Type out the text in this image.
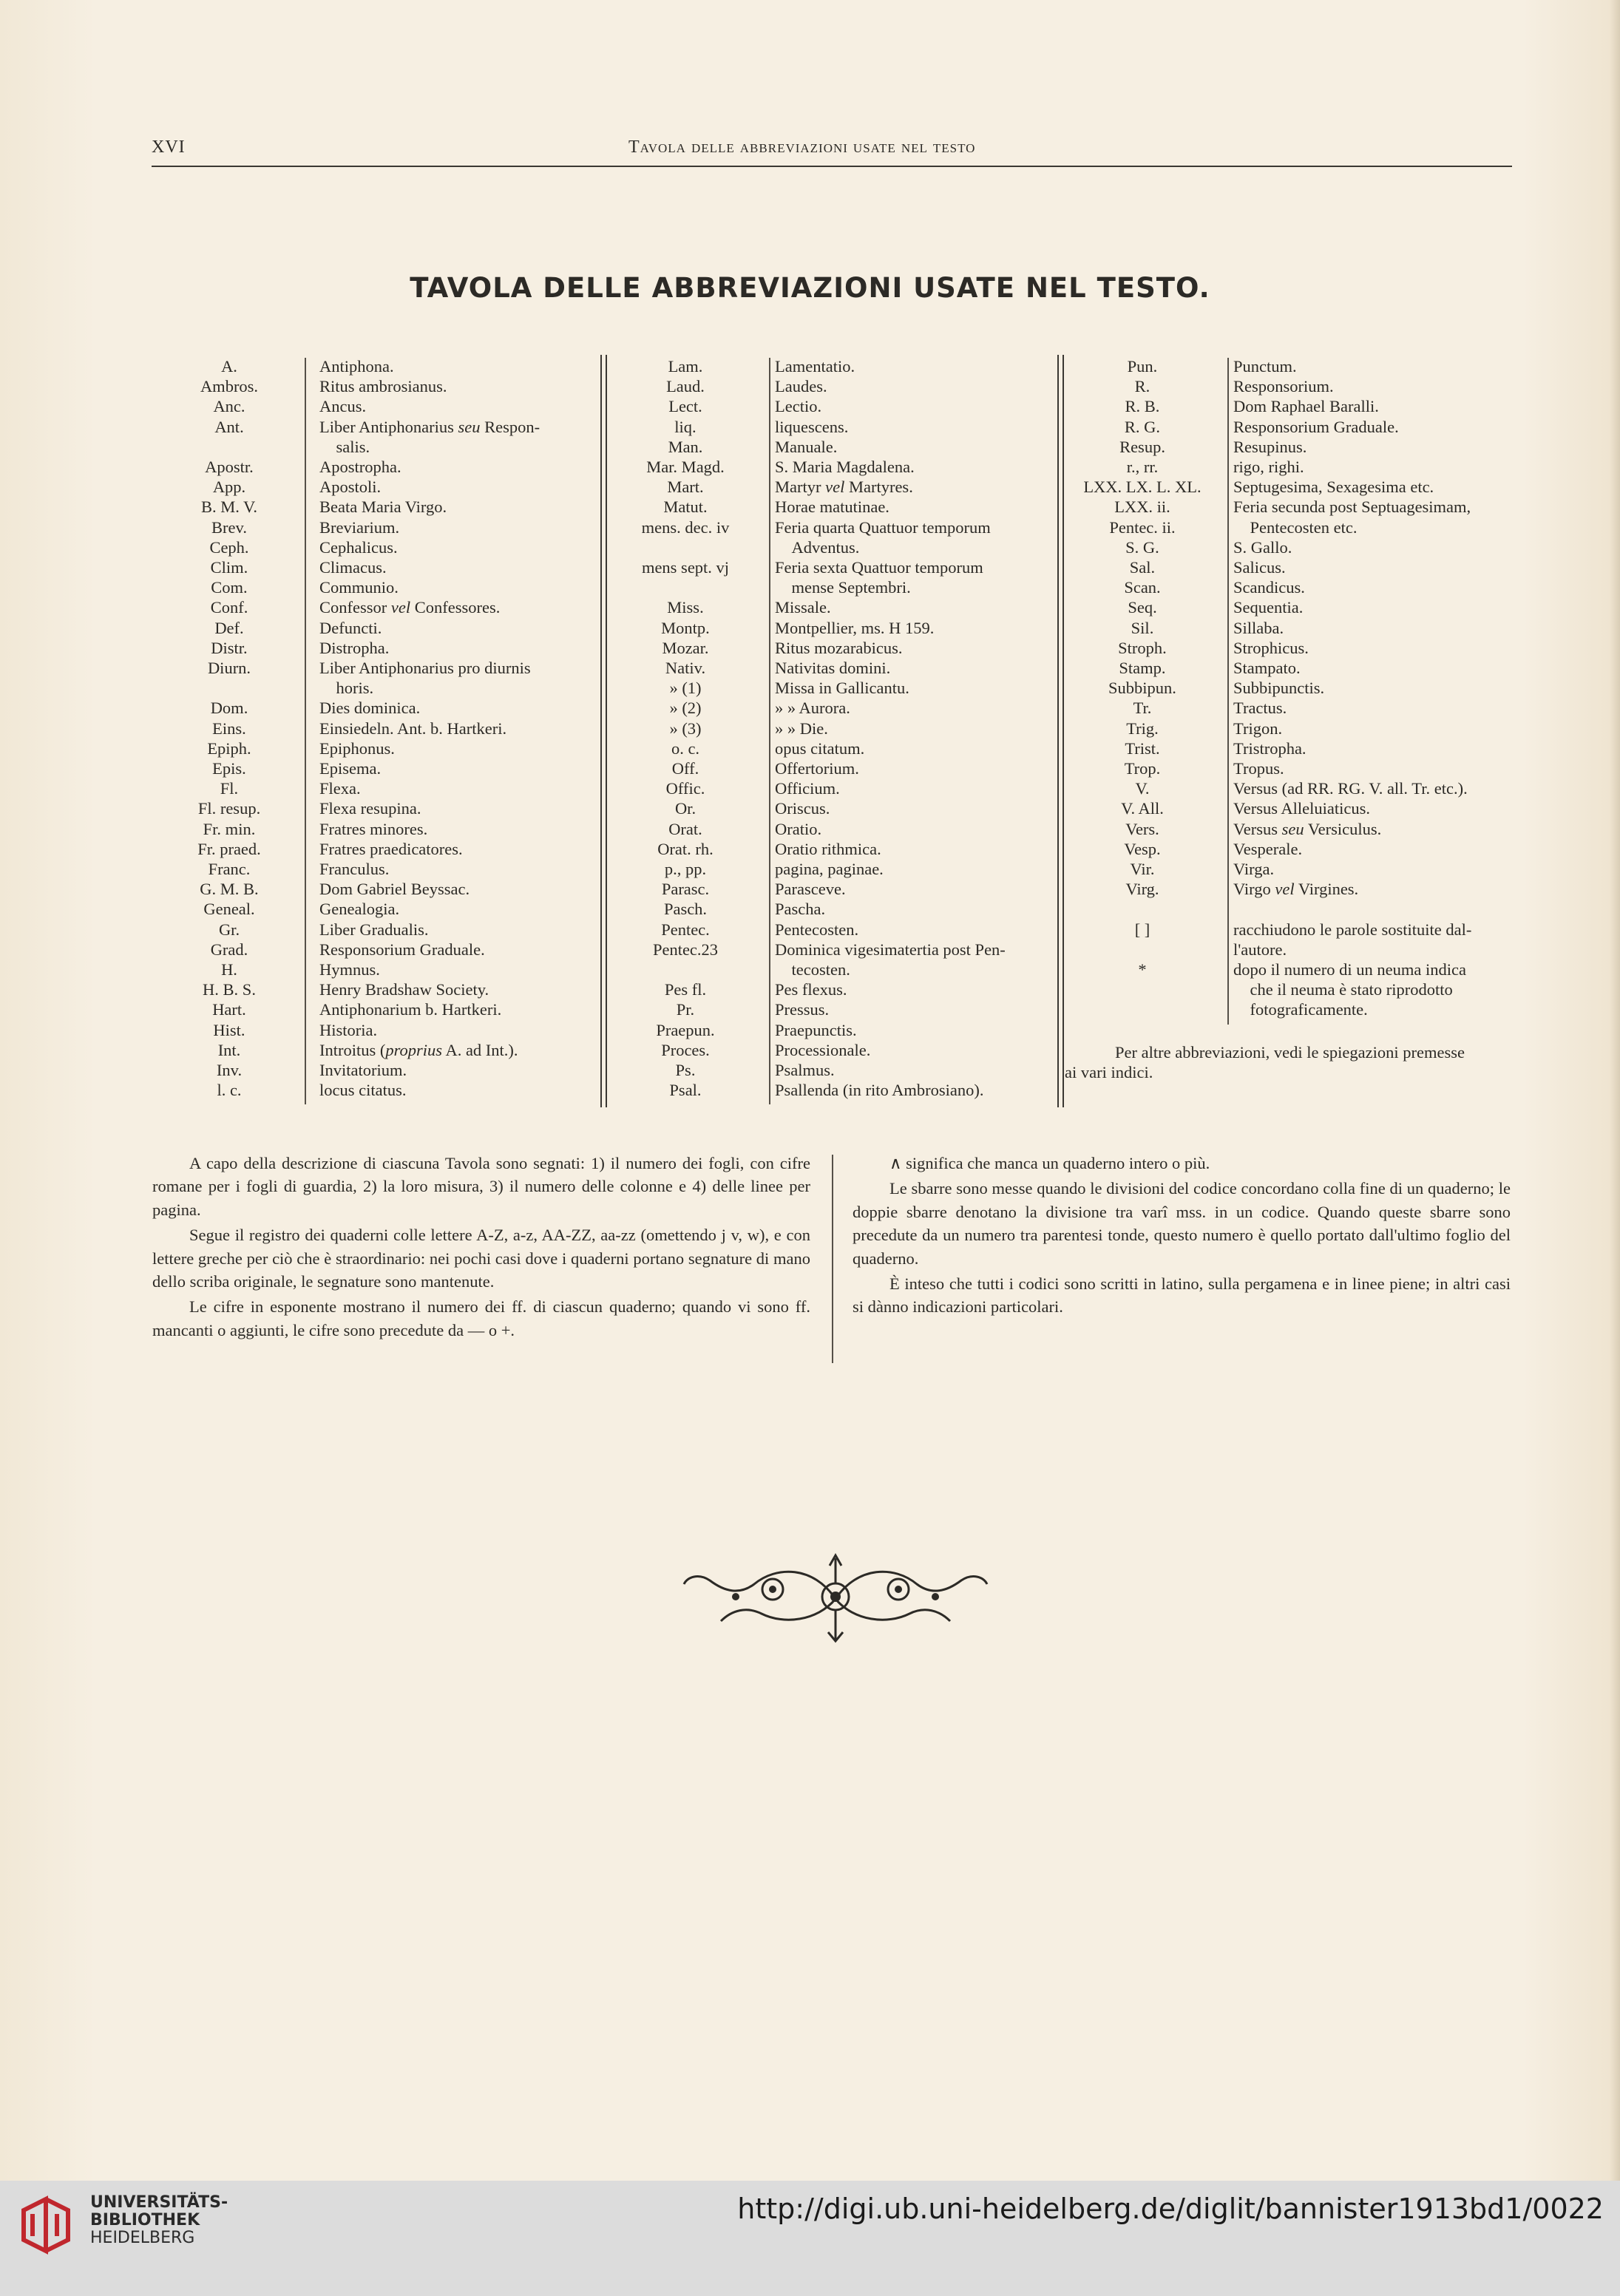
XVI	Tavola delle abbreviazioni usate nel testo
TAVOLA DELLE ABBREVIAZIONI USATE NEL TESTO.
A.	Antiphona.
Ambros.	Ritus ambrosianus.
Anc.	Ancus.
Ant.	Liber Antiphonarius seu Respon-
salis.
Apostr.	Apostropha.
App.	Apostoli.
B. M. V.	Beata Maria Virgo.
Brev.	Breviarium.
Ceph.	Cephalicus.
Clim.	Climacus.
Com.	Communio.
Conf.	Confessor vel Confessores.
Def.	Defuncti.
Distr.	Distropha.
Diurn.	Liber Antiphonarius pro diurnis
horis.
Dom.	Dies dominica.
Eins.	Einsiedeln. Ant. b. Hartkeri.
Epiph.	Epiphonus.
Epis.	Episema.
Fl.	Flexa.
Fl. resup.	Flexa resupina.
Fr. min.	Fratres minores.
Fr. praed.	Fratres praedicatores.
Franc.	Franculus.
G. M. B.	Dom Gabriel Beyssac.
Geneal.	Genealogia.
Gr.	Liber Gradualis.
Grad.	Responsorium Graduale.
H.	Hymnus.
H. B. S.	Henry Bradshaw Society.
Hart.	Antiphonarium b. Hartkeri.
Hist.	Historia.
Int.	Introitus (proprius A. ad Int.).
Inv.	Invitatorium.
l. c.	locus citatus.
Lam.	Lamentatio.
Laud.	Laudes.
Lect.	Lectio.
liq.	liquescens.
Man.	Manuale.
Mar. Magd.	S. Maria Magdalena.
Mart.	Martyr vel Martyres.
Matut.	Horae matutinae.
mens. dec. iv	Feria quarta Quattuor temporum
Adventus.
mens sept. vj	Feria sexta Quattuor temporum
mense Septembri.
Miss.	Missale.
Montp.	Montpellier, ms. H 159.
Mozar.	Ritus mozarabicus.
Nativ.	Nativitas domini.
» (1)	Missa in Gallicantu.
» (2)	» » Aurora.
» (3)	» » Die.
o. c.	opus citatum.
Off.	Offertorium.
Offic.	Officium.
Or.	Oriscus.
Orat.	Oratio.
Orat. rh.	Oratio rithmica.
p., pp.	pagina, paginae.
Parasc.	Parasceve.
Pasch.	Pascha.
Pentec.	Pentecosten.
Pentec.23	Dominica vigesimatertia post Pen-
tecosten.
Pes fl.	Pes flexus.
Pr.	Pressus.
Praepun.	Praepunctis.
Proces.	Processionale.
Ps.	Psalmus.
Psal.	Psallenda (in rito Ambrosiano).
Pun.	Punctum.
R.	Responsorium.
R. B.	Dom Raphael Baralli.
R. G.	Responsorium Graduale.
Resup.	Resupinus.
r., rr.	rigo, righi.
LXX. LX. L. XL.	Septugesima, Sexagesima etc.
LXX. ii.	Feria secunda post Septuagesimam,
Pentec. ii.	Pentecosten etc.
S. G.	S. Gallo.
Sal.	Salicus.
Scan.	Scandicus.
Seq.	Sequentia.
Sil.	Sillaba.
Stroph.	Strophicus.
Stamp.	Stampato.
Subbipun.	Subbipunctis.
Tr.	Tractus.
Trig.	Trigon.
Trist.	Tristropha.
Trop.	Tropus.
V.	Versus (ad RR. RG. V. all. Tr. etc.).
V. All.	Versus Alleluiaticus.
Vers.	Versus seu Versiculus.
Vesp.	Vesperale.
Vir.	Virga.
Virg.	Virgo vel Virgines.
[ ]	racchiudono le parole sostituite dal-
l'autore.
*	dopo il numero di un neuma indica
che il neuma è stato riprodotto
fotograficamente.
Per altre abbreviazioni, vedi le spiegazioni premesse
ai vari indici.

A capo della descrizione di ciascuna Tavola sono segnati: 1) il numero dei fogli, con cifre romane per i fogli di guardia, 2) la loro misura, 3) il numero delle colonne e 4) delle linee per pagina.

Segue il registro dei quaderni colle lettere A-Z, a-z, AA-ZZ, aa-zz (omettendo j v, w), e con lettere greche per ciò che è straordinario: nei pochi casi dove i quaderni portano segnature di mano dello scriba originale, le segnature sono mantenute.

Le cifre in esponente mostrano il numero dei ff. di ciascun quaderno; quando vi sono ff. mancanti o aggiunti, le cifre sono precedute da — o +.

∧ significa che manca un quaderno intero o più.

Le sbarre sono messe quando le divisioni del codice concordano colla fine di un quaderno; le doppie sbarre denotano la divisione tra varî mss. in un codice. Quando queste sbarre sono precedute da un numero tra parentesi tonde, questo numero è quello portato dall'ultimo foglio del quaderno.

È inteso che tutti i codici sono scritti in latino, sulla pergamena e in linee piene; in altri casi si dànno indicazioni particolari.

UNIVERSITÄTS-
BIBLIOTHEK
HEIDELBERG
http://digi.ub.uni-heidelberg.de/diglit/bannister1913bd1/0022
